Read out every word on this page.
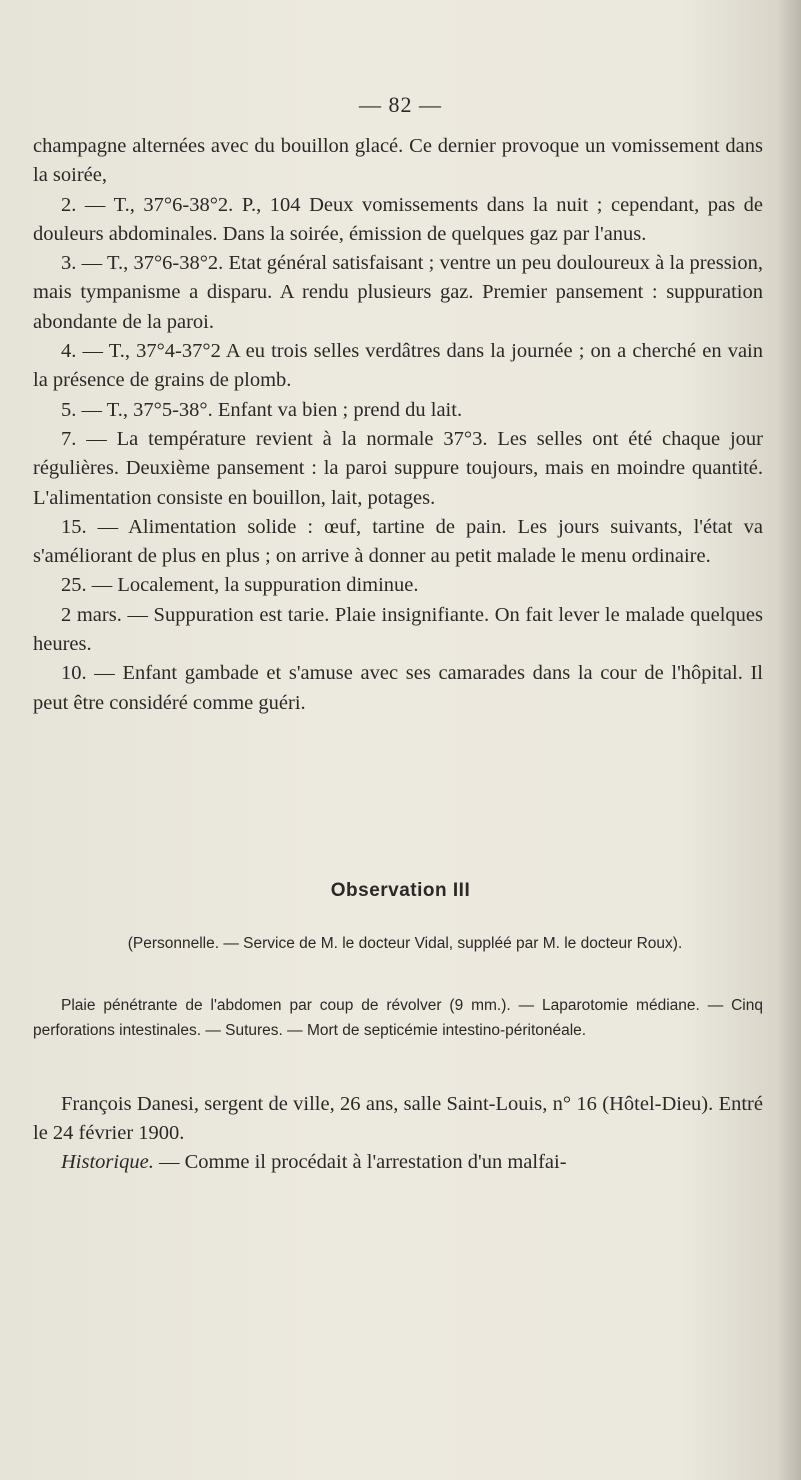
— 82 —

champagne alternées avec du bouillon glacé. Ce dernier provoque un vomissement dans la soirée,

2. — T., 37°6-38°2. P., 104 Deux vomissements dans la nuit ; cependant, pas de douleurs abdominales. Dans la soirée, émission de quelques gaz par l'anus.

3. — T., 37°6-38°2. Etat général satisfaisant ; ventre un peu douloureux à la pression, mais tympanisme a disparu. A rendu plusieurs gaz. Premier pansement : suppuration abondante de la paroi.

4. — T., 37°4-37°2 A eu trois selles verdâtres dans la journée ; on a cherché en vain la présence de grains de plomb.

5. — T., 37°5-38°. Enfant va bien ; prend du lait.

7. — La température revient à la normale 37°3. Les selles ont été chaque jour régulières. Deuxième pansement : la paroi suppure toujours, mais en moindre quantité. L'alimentation consiste en bouillon, lait, potages.

15. — Alimentation solide : œuf, tartine de pain. Les jours suivants, l'état va s'améliorant de plus en plus ; on arrive à donner au petit malade le menu ordinaire.

25. — Localement, la suppuration diminue.

2 mars. — Suppuration est tarie. Plaie insignifiante. On fait lever le malade quelques heures.

10. — Enfant gambade et s'amuse avec ses camarades dans la cour de l'hôpital. Il peut être considéré comme guéri.

Observation III
(Personnelle. — Service de M. le docteur Vidal, suppléé par M. le docteur Roux).
Plaie pénétrante de l'abdomen par coup de révolver (9 mm.). — Laparotomie médiane. — Cinq perforations intestinales. — Sutures. — Mort de septicémie intestino-péritonéale.

François Danesi, sergent de ville, 26 ans, salle Saint-Louis, n° 16 (Hôtel-Dieu). Entré le 24 février 1900.

Historique. — Comme il procédait à l'arrestation d'un malfai-
